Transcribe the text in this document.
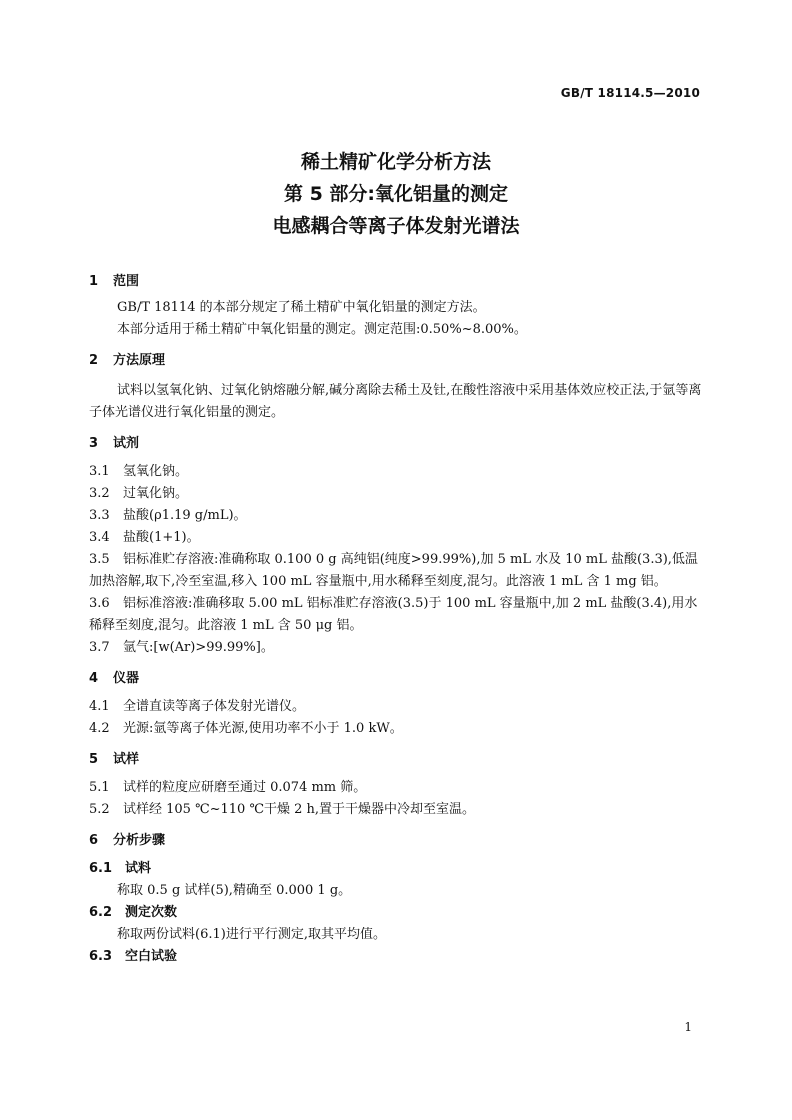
GB/T 18114.5—2010
稀土精矿化学分析方法
第 5 部分:氧化铝量的测定
电感耦合等离子体发射光谱法
1 范围

GB/T 18114 的本部分规定了稀土精矿中氧化铝量的测定方法。

本部分适用于稀土精矿中氧化铝量的测定。测定范围:0.50%~8.00%。

2 方法原理

试料以氢氧化钠、过氧化钠熔融分解,碱分离除去稀土及钍,在酸性溶液中采用基体效应校正法,于氩等离子体光谱仪进行氧化铝量的测定。

3 试剂

3.1 氢氧化钠。

3.2 过氧化钠。

3.3 盐酸(ρ1.19 g/mL)。

3.4 盐酸(1+1)。

3.5 铝标准贮存溶液:准确称取 0.100 0 g 高纯铝(纯度>99.99%),加 5 mL 水及 10 mL 盐酸(3.3),低温加热溶解,取下,冷至室温,移入 100 mL 容量瓶中,用水稀释至刻度,混匀。此溶液 1 mL 含 1 mg 铝。

3.6 铝标准溶液:准确移取 5.00 mL 铝标准贮存溶液(3.5)于 100 mL 容量瓶中,加 2 mL 盐酸(3.4),用水稀释至刻度,混匀。此溶液 1 mL 含 50 μg 铝。

3.7 氩气:[w(Ar)>99.99%]。

4 仪器

4.1 全谱直读等离子体发射光谱仪。

4.2 光源:氩等离子体光源,使用功率不小于 1.0 kW。

5 试样

5.1 试样的粒度应研磨至通过 0.074 mm 筛。

5.2 试样经 105 ℃~110 ℃干燥 2 h,置于干燥器中冷却至室温。

6 分析步骤
6.1 试料

称取 0.5 g 试样(5),精确至 0.000 1 g。

6.2 测定次数

称取两份试料(6.1)进行平行测定,取其平均值。

6.3 空白试验
1
